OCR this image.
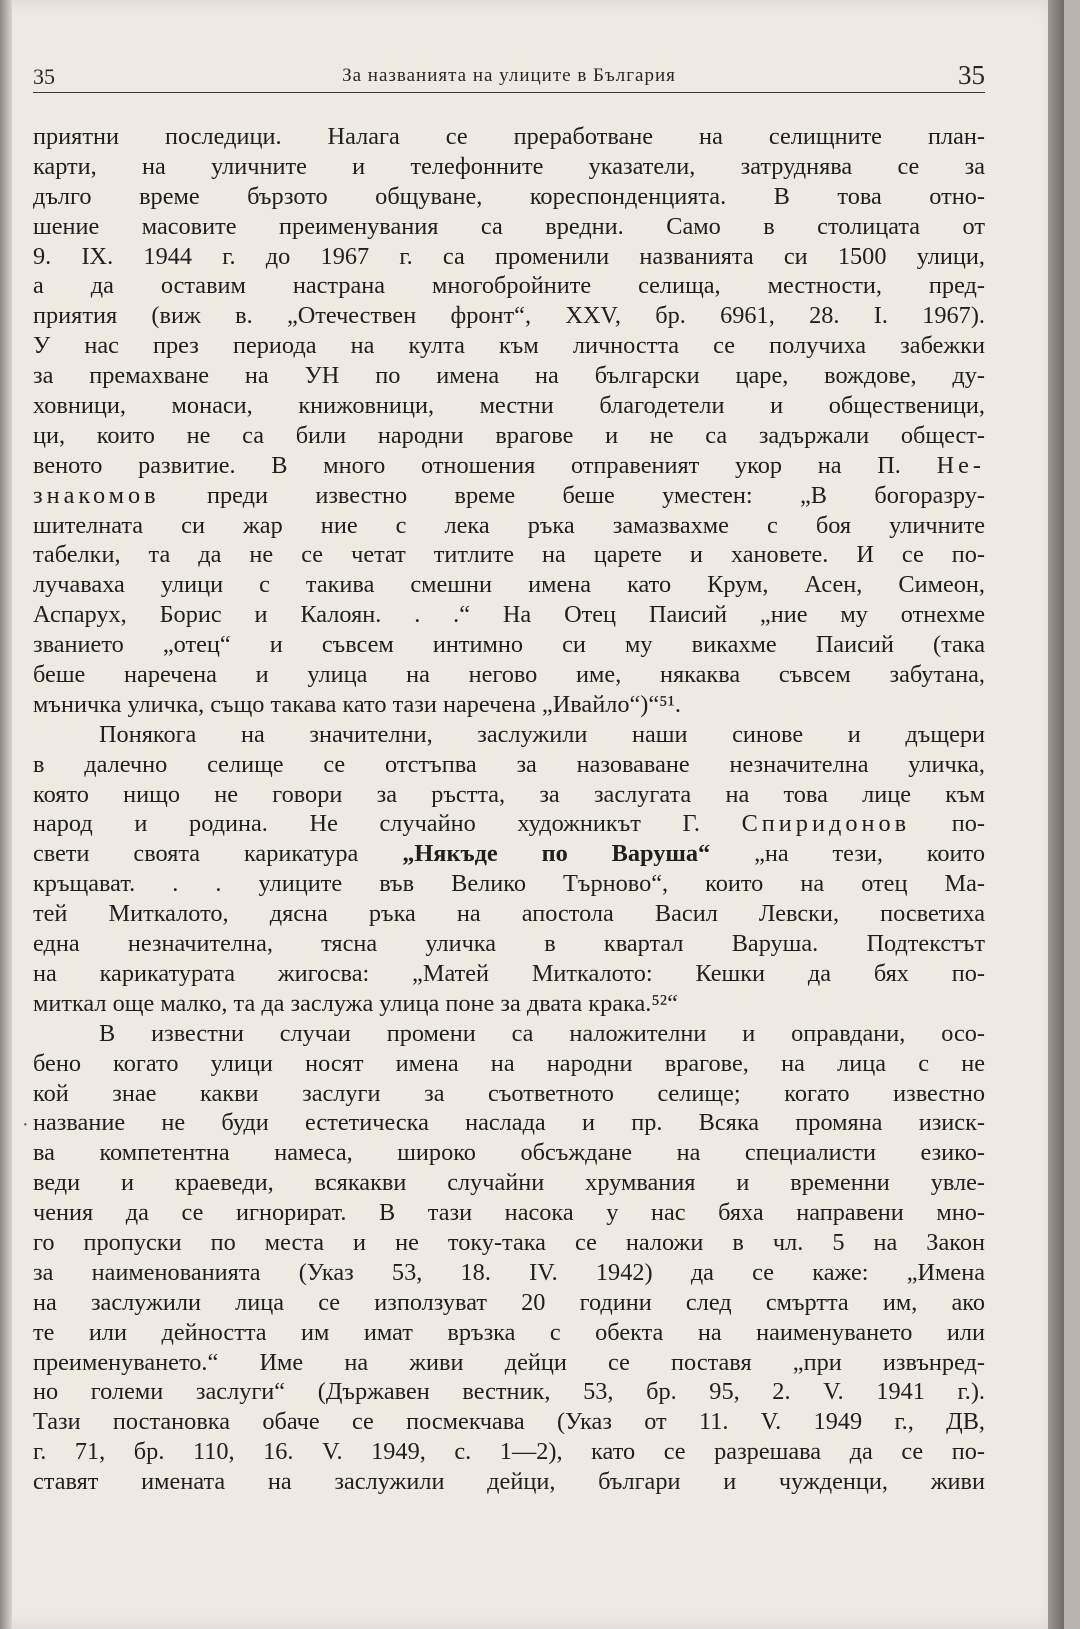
35	За названията на улиците в България	35
·
приятни последици. Налага се преработване на селищните план-
карти, на уличните и телефонните указатели, затруднява се за
дълго време бързото общуване, кореспонденцията. В това отно-
шение масовите преименувания са вредни. Само в столицата от
9. IX. 1944 г. до 1967 г. са променили названията си 1500 улици,
а да оставим настрана многобройните селища, местности, пред-
приятия (виж в. „Отечествен фронт“, XXV, бр. 6961, 28. I. 1967).
У нас през периода на култа към личността се получиха забежки
за премахване на УН по имена на български царе, вождове, ду-
ховници, монаси, книжовници, местни благодетели и общественици,
ци, които не са били народни врагове и не са задържали общест-
веното развитие. В много отношения отправеният укор на П. Не-
знакомов преди известно време беше уместен: „В богоразру-
шителната си жар ние с лека ръка замазвахме с боя уличните
табелки, та да не се четат титлите на царете и хановете. И се по-
лучаваха улици с такива смешни имена като Крум, Асен, Симеон,
Аспарух, Борис и Калоян. . .“ На Отец Паисий „ние му отнехме
званието „отец“ и съвсем интимно си му викахме Паисий (така
беше наречена и улица на негово име, някаква съвсем забутана,
мъничка уличка, също такава като тази наречена „Ивайло“)“⁵¹.
Понякога на значителни, заслужили наши синове и дъщери
в далечно селище се отстъпва за назоваване незначителна уличка,
която нищо не говори за ръстта, за заслугата на това лице към
народ и родина. Не случайно художникът Г. Спиридонов по-
свети своята карикатура „Някъде по Варуша“ „на тези, които
кръщават. . . улиците във Велико Търново“, които на отец Ма-
тей Миткалото, дясна ръка на апостола Васил Левски, посветиха
една незначителна, тясна уличка в квартал Варуша. Подтекстът
на карикатурата жигосва: „Матей Миткалото: Кешки да бях по-
миткал още малко, та да заслужа улица поне за двата крака.⁵²“
В известни случаи промени са наложителни и оправдани, осо-
бено когато улици носят имена на народни врагове, на лица с не
кой знае какви заслуги за съответното селище; когато известно
название не буди естетическа наслада и пр. Всяка промяна изиск-
ва компетентна намеса, широко обсъждане на специалисти езико-
веди и краеведи, всякакви случайни хрумвания и временни увле-
чения да се игнорират. В тази насока у нас бяха направени мно-
го пропуски по места и не току-така се наложи в чл. 5 на Закон
за наименованията (Указ 53, 18. IV. 1942) да се каже: „Имена
на заслужили лица се използуват 20 години след смъртта им, ако
те или дейността им имат връзка с обекта на наименуването или
преименуването.“ Име на живи дейци се поставя „при извънред-
но големи заслуги“ (Държавен вестник, 53, бр. 95, 2. V. 1941 г.).
Тази постановка обаче се посмекчава (Указ от 11. V. 1949 г., ДВ,
г. 71, бр. 110, 16. V. 1949, с. 1—2), като се разрешава да се по-
ставят имената на заслужили дейци, българи и чужденци, живи
